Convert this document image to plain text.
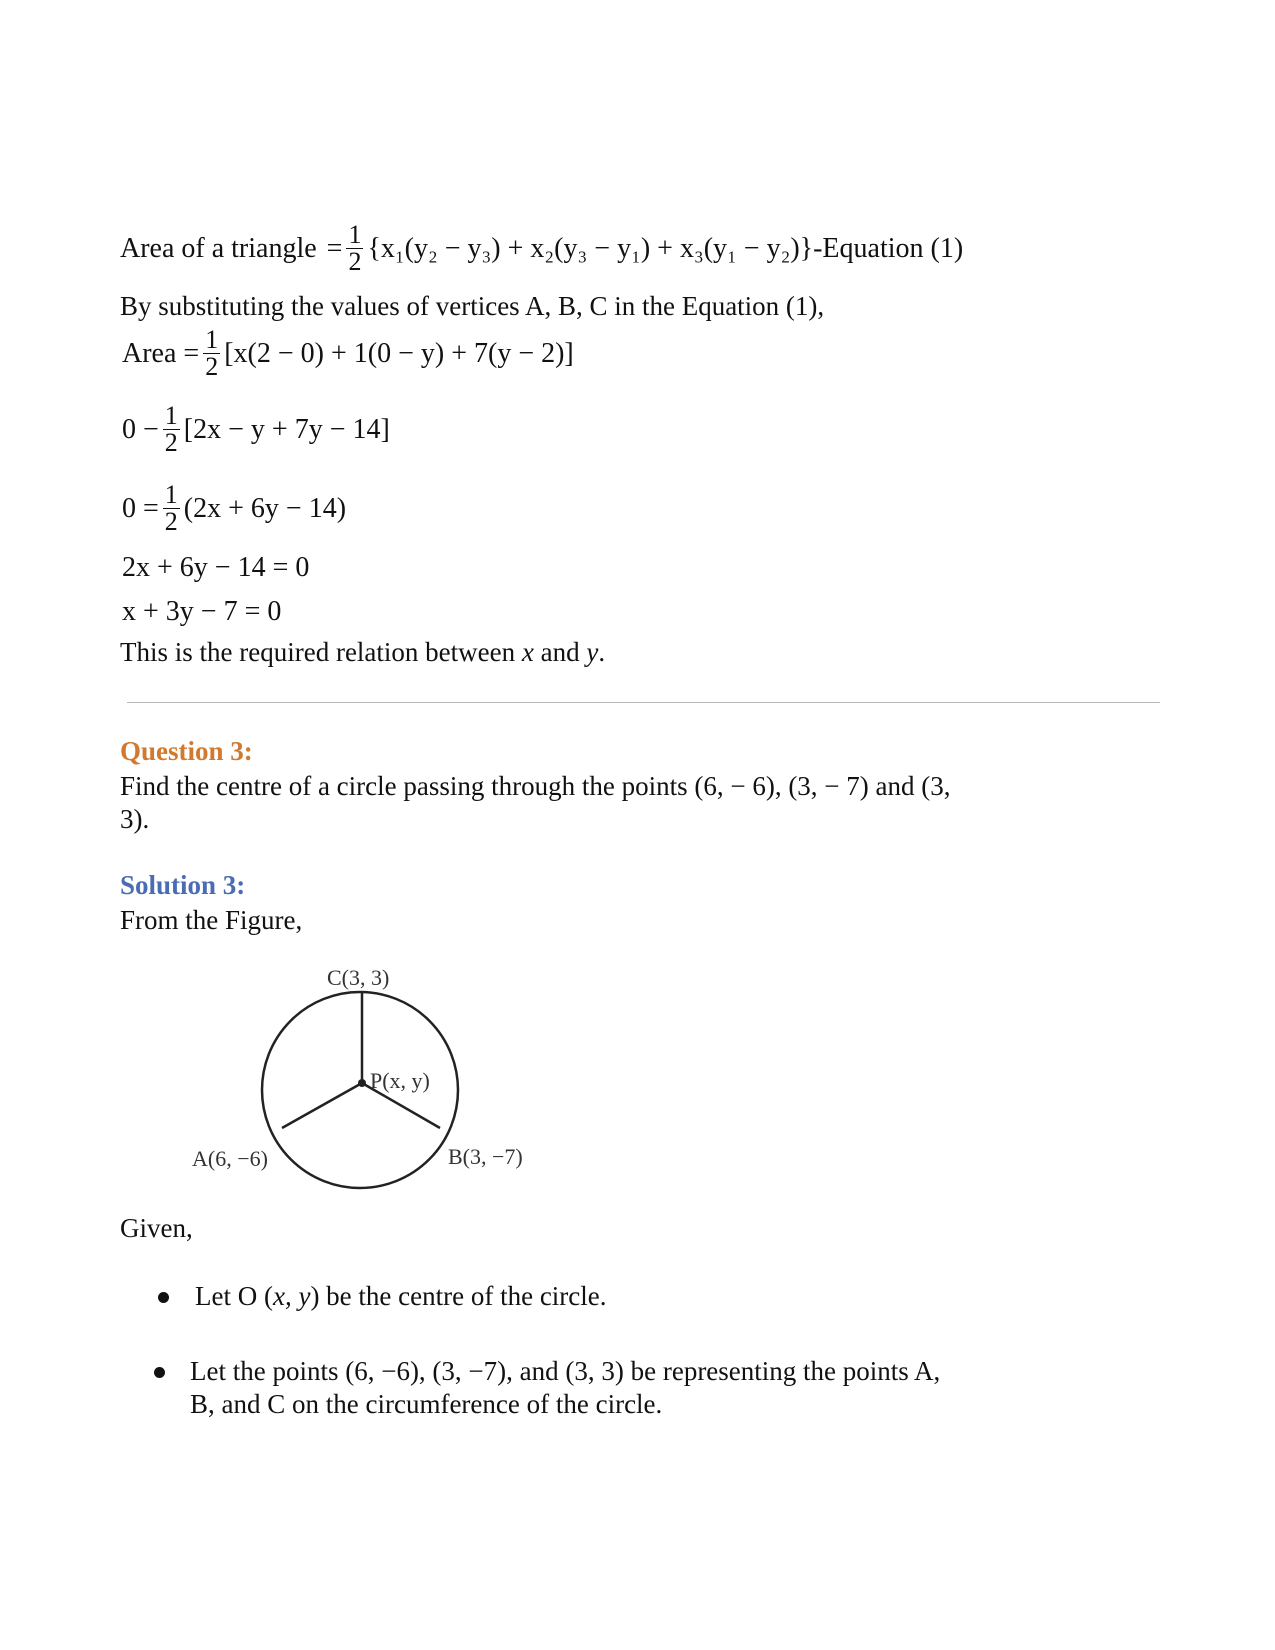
Area of a triangle = $\frac{1}{2} \{x_1(y_2 - y_3) + x_2(y_3 - y_1) + x_3(y_1 - y_2)\}$ -Equation (1)
By substituting the values of vertices A, B, C in the Equation (1),
Area = $\frac{1}{2} [x(2 - 0) + 1(0 - y) + 7(y - 2)]$
$0 - \frac{1}{2} [2x - y + 7y - 14]$
$0 = \frac{1}{2} (2x + 6y - 14)$
2x + 6y − 14 = 0
x + 3y − 7 = 0
This is the required relation between x and y.
Question 3:
Find the centre of a circle passing through the points (6, − 6), (3, − 7) and (3,
3).
Solution 3:
From the Figure,
C(3, 3)
P(x, y)
A(6, −6)	B(3, −7)
Given,
Let O (x, y) be the centre of the circle.
Let the points (6, −6), (3, −7), and (3, 3) be representing the points A,
B, and C on the circumference of the circle.
